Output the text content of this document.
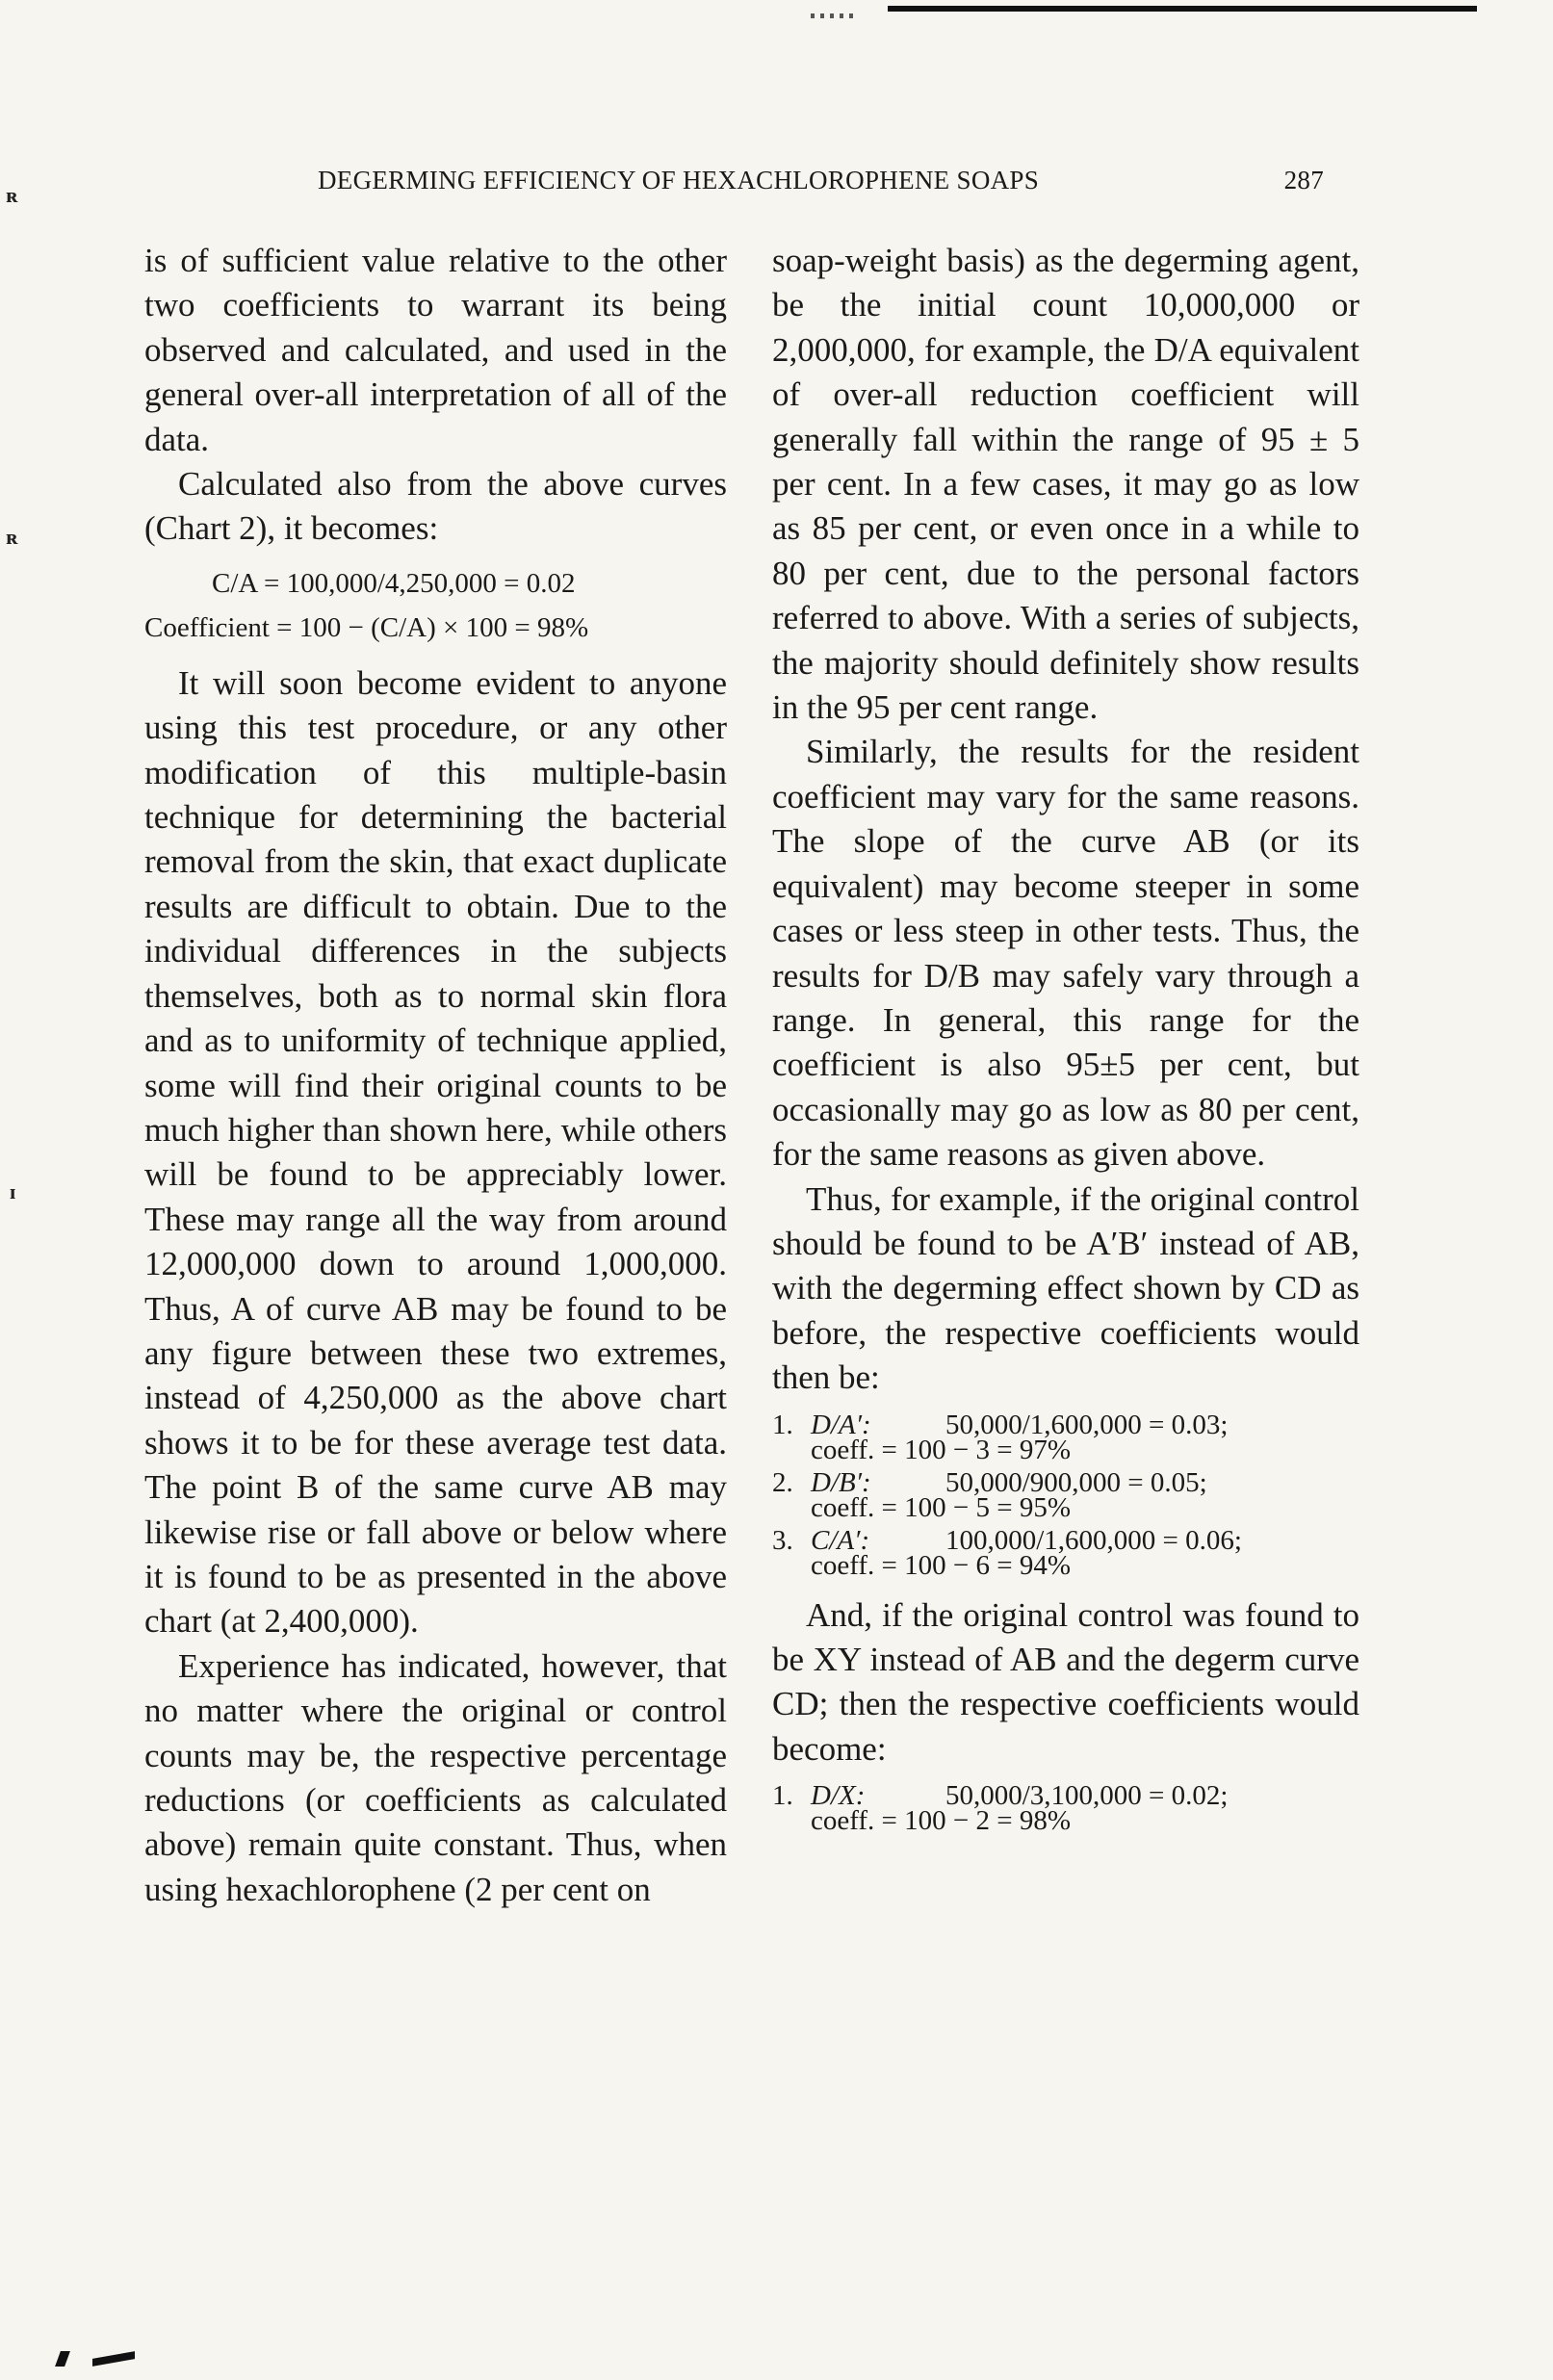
DEGERMING EFFICIENCY OF HEXACHLOROPHENE SOAPS	287
ʀ
ʀ
ɪ

is of sufficient value relative to the other two coefficients to warrant its being observed and calculated, and used in the general over-all interpretation of all of the data.

Calculated also from the above curves (Chart 2), it becomes:

C/A = 100,000/4,250,000 = 0.02
Coefficient = 100 − (C/A) × 100 = 98%

It will soon become evident to anyone using this test procedure, or any other modification of this multiple-basin technique for determining the bacterial removal from the skin, that exact duplicate results are difficult to obtain. Due to the individual differences in the subjects themselves, both as to normal skin flora and as to uniformity of technique applied, some will find their original counts to be much higher than shown here, while others will be found to be appreciably lower. These may range all the way from around 12,000,000 down to around 1,000,000. Thus, A of curve AB may be found to be any figure between these two extremes, instead of 4,250,000 as the above chart shows it to be for these average test data. The point B of the same curve AB may likewise rise or fall above or below where it is found to be as presented in the above chart (at 2,400,000).

Experience has indicated, however, that no matter where the original or control counts may be, the respective percentage reductions (or coefficients as calculated above) remain quite constant. Thus, when using hexachlorophene (2 per cent on

soap-weight basis) as the degerming agent, be the initial count 10,000,000 or 2,000,000, for example, the D/A equivalent of over-all reduction coefficient will generally fall within the range of 95 ± 5 per cent. In a few cases, it may go as low as 85 per cent, or even once in a while to 80 per cent, due to the personal factors referred to above. With a series of subjects, the majority should definitely show results in the 95 per cent range.

Similarly, the results for the resident coefficient may vary for the same reasons. The slope of the curve AB (or its equivalent) may become steeper in some cases or less steep in other tests. Thus, the results for D/B may safely vary through a range. In general, this range for the coefficient is also 95±5 per cent, but occasionally may go as low as 80 per cent, for the same reasons as given above.

Thus, for example, if the original control should be found to be A′B′ instead of AB, with the degerming effect shown by CD as before, the respective coefficients would then be:

1. D/A′:	50,000/1,600,000 = 0.03;
coeff. = 100 − 3 = 97%
2. D/B′:	50,000/900,000 = 0.05;
coeff. = 100 − 5 = 95%
3. C/A′:	100,000/1,600,000 = 0.06;
coeff. = 100 − 6 = 94%

And, if the original control was found to be XY instead of AB and the degerm curve CD; then the respective coefficients would become:

1. D/X:	50,000/3,100,000 = 0.02;
coeff. = 100 − 2 = 98%
